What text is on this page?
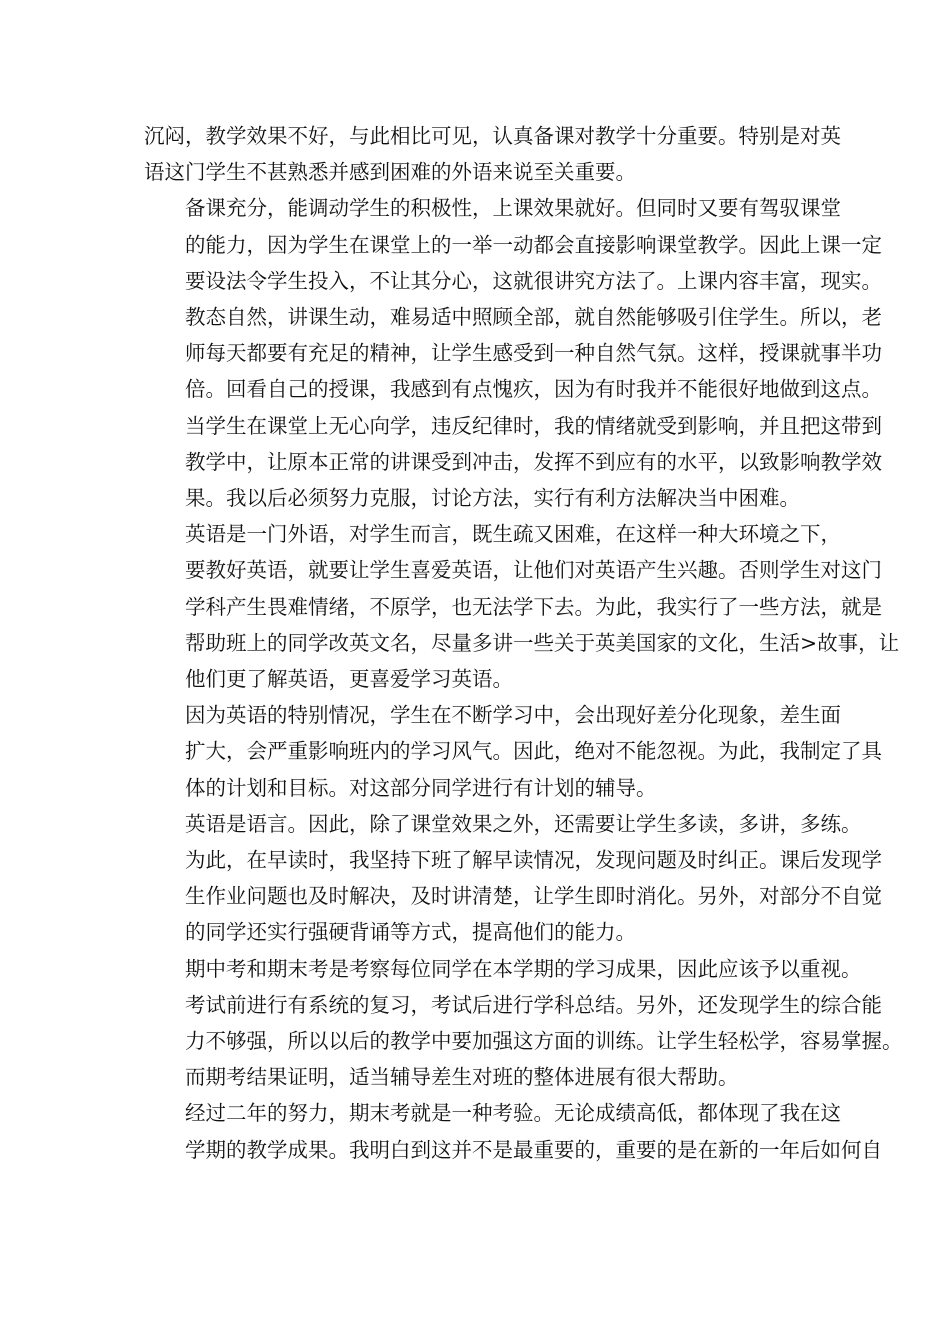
沉闷，教学效果不好，与此相比可见，认真备课对教学十分重要。特别是对英
语这门学生不甚熟悉并感到困难的外语来说至关重要。

备课充分，能调动学生的积极性，上课效果就好。但同时又要有驾驭课堂
的能力，因为学生在课堂上的一举一动都会直接影响课堂教学。因此上课一定
要设法令学生投入，不让其分心，这就很讲究方法了。上课内容丰富，现实。
教态自然，讲课生动，难易适中照顾全部，就自然能够吸引住学生。所以，老
师每天都要有充足的精神，让学生感受到一种自然气氛。这样，授课就事半功
倍。回看自己的授课，我感到有点愧疚，因为有时我并不能很好地做到这点。
当学生在课堂上无心向学，违反纪律时，我的情绪就受到影响，并且把这带到
教学中，让原本正常的讲课受到冲击，发挥不到应有的水平，以致影响教学效
果。我以后必须努力克服，讨论方法，实行有利方法解决当中困难。

英语是一门外语，对学生而言，既生疏又困难，在这样一种大环境之下，
要教好英语，就要让学生喜爱英语，让他们对英语产生兴趣。否则学生对这门
学科产生畏难情绪，不原学，也无法学下去。为此，我实行了一些方法，就是
帮助班上的同学改英文名，尽量多讲一些关于英美国家的文化，生活>故事，让
他们更了解英语，更喜爱学习英语。

因为英语的特别情况，学生在不断学习中，会出现好差分化现象，差生面
扩大，会严重影响班内的学习风气。因此，绝对不能忽视。为此，我制定了具
体的计划和目标。对这部分同学进行有计划的辅导。

英语是语言。因此，除了课堂效果之外，还需要让学生多读，多讲，多练。
为此，在早读时，我坚持下班了解早读情况，发现问题及时纠正。课后发现学
生作业问题也及时解决，及时讲清楚，让学生即时消化。另外，对部分不自觉
的同学还实行强硬背诵等方式，提高他们的能力。

期中考和期末考是考察每位同学在本学期的学习成果，因此应该予以重视。
考试前进行有系统的复习，考试后进行学科总结。另外，还发现学生的综合能
力不够强，所以以后的教学中要加强这方面的训练。让学生轻松学，容易掌握。
而期考结果证明，适当辅导差生对班的整体进展有很大帮助。

经过二年的努力，期末考就是一种考验。无论成绩高低，都体现了我在这
学期的教学成果。我明白到这并不是最重要的，重要的是在新的一年后如何自
